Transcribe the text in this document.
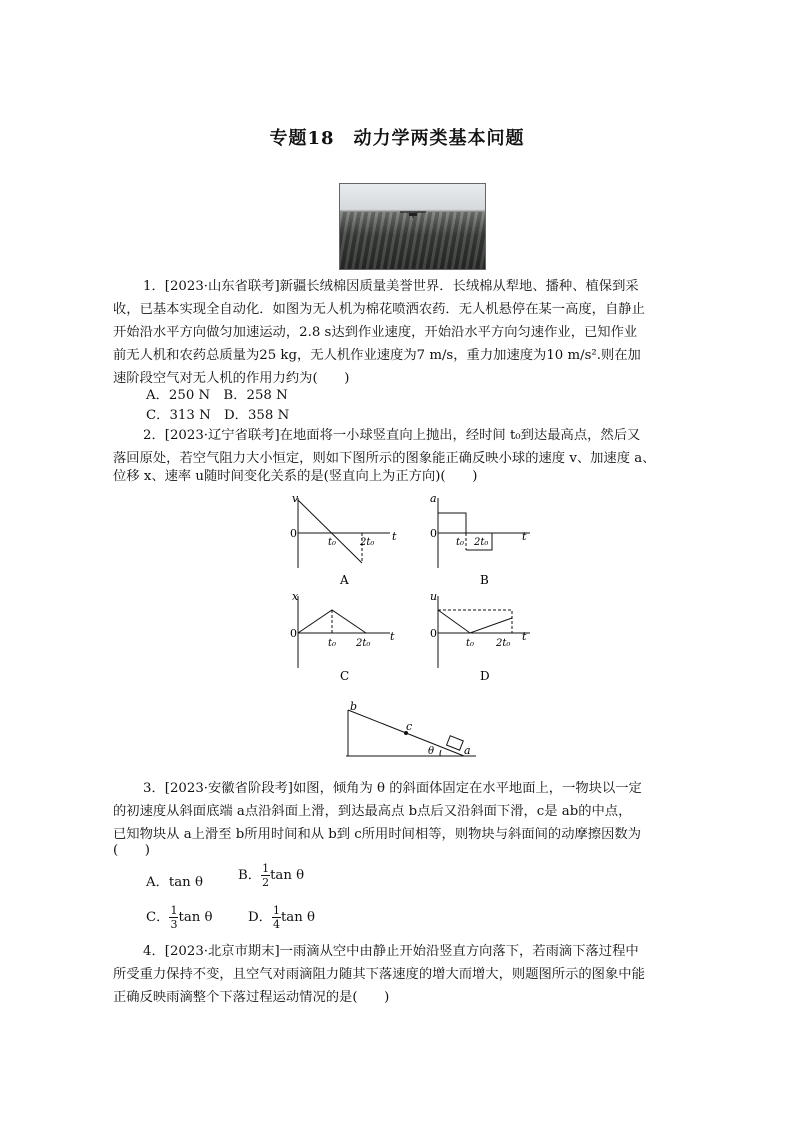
专题18　动力学两类基本问题

1．[2023·山东省联考]新疆长绒棉因质量美誉世界．长绒棉从犁地、播种、植保到采

收，已基本实现全自动化．如图为无人机为棉花喷洒农药．无人机悬停在某一高度，自静止

开始沿水平方向做匀加速运动，2.8 s达到作业速度，开始沿水平方向匀速作业，已知作业

前无人机和农药总质量为25 kg，无人机作业速度为7 m/s，重力加速度为10 m/s².则在加

速阶段空气对无人机的作用力约为(　　)

A．250 N　B．258 N

C．313 N　D．358 N

2．[2023·辽宁省联考]在地面将一小球竖直向上抛出，经时间 t₀到达最高点，然后又

落回原处，若空气阻力大小恒定，则如下图所示的图象能正确反映小球的速度 v、加速度 a、

位移 x、速率 u随时间变化关系的是(竖直向上为正方向)(　　)

v
0	t
t₀ 2t₀
a
0	t
t₀ 2t₀
x
0	t
t₀ 2t₀
u
0	t
t₀ 2t₀
A	B
C	D
b
c
a
θ

3．[2023·安徽省阶段考]如图，倾角为 θ 的斜面体固定在水平地面上，一物块以一定

的初速度从斜面底端 a点沿斜面上滑，到达最高点 b点后又沿斜面下滑，c是 ab的中点，

已知物块从 a上滑至 b所用时间和从 b到 c所用时间相等，则物块与斜面间的动摩擦因数为

(　　)

A．tan θ	B． $\frac{1}{2}$ tan θ

C． $\frac{1}{3}$ tan θ	D． $\frac{1}{4}$ tan θ

4．[2023·北京市期末]一雨滴从空中由静止开始沿竖直方向落下，若雨滴下落过程中

所受重力保持不变，且空气对雨滴阻力随其下落速度的增大而增大，则题图所示的图象中能

正确反映雨滴整个下落过程运动情况的是(　　)
